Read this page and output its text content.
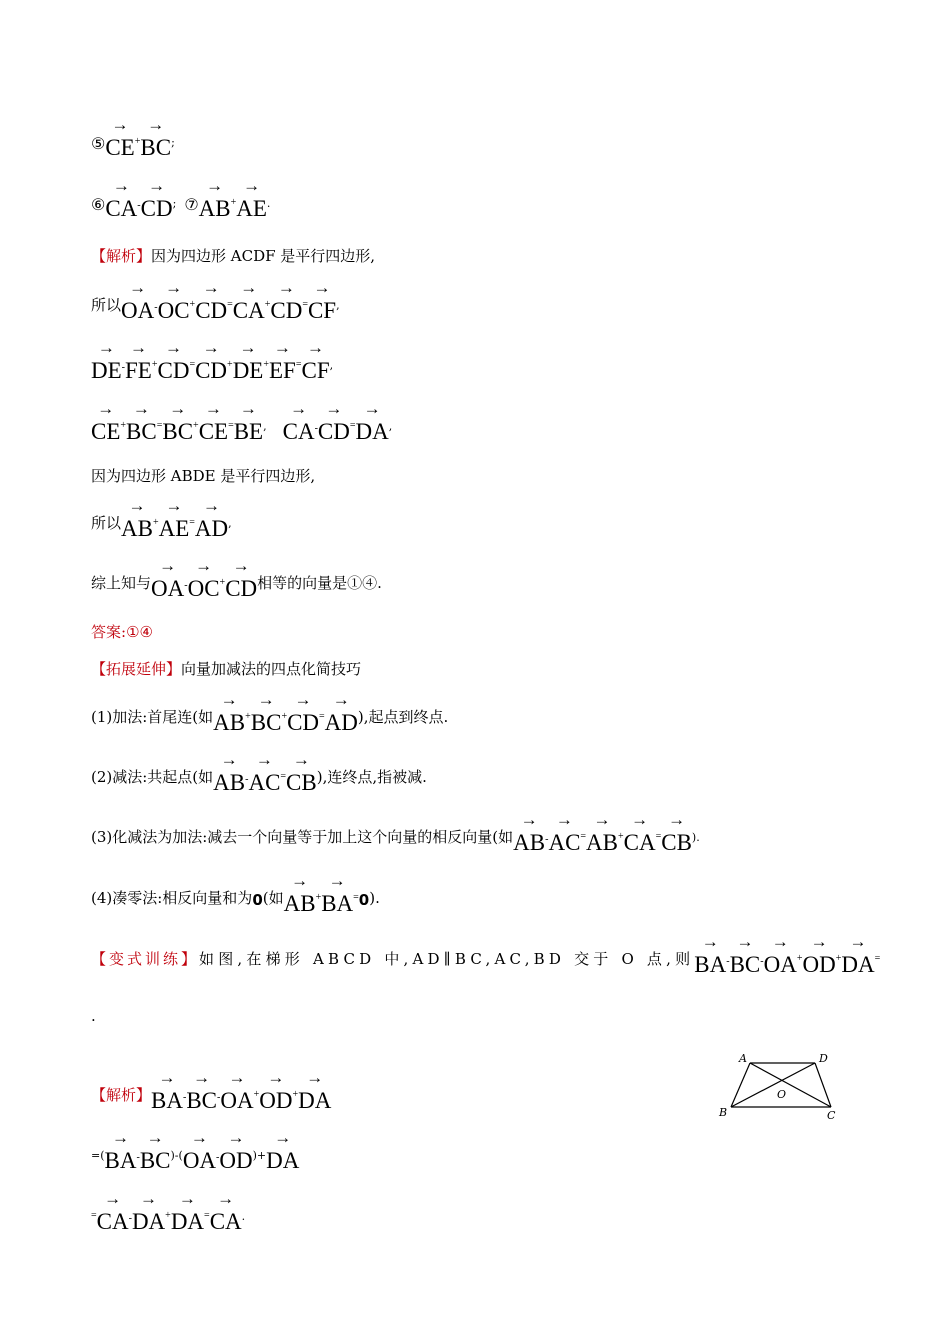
⑤ → CE + → BC ;
⑥ → CA - → CD ; ⑦ → AB + → AE .
【解析】 因为四边形 ACDF 是平行四边形,
所以 → OA - → OC + → CD = → CA + → CD = → CF ,
→ DE - → FE + → CD = → CD + → DE + → EF = → CF ,
→ CE + → BC = → BC + → CE = → BE , → CA - → CD = → DA ,
因为四边形 ABDE 是平行四边形,
所以 → AB + → AE = → AD ,
综上知与 → OA - → OC + → CD 相等的向量是①④.
答案: ①④
【拓展延伸】 向量加减法的四点化简技巧
(1)加法:首尾连(如 → AB + → BC + → CD = → AD ),起点到终点.
(2)减法:共起点(如 → AB - → AC = → CB ),连终点,指被减.
(3)化减法为加法:减去一个向量等于加上这个向量的相反向量(如 → AB - → AC = → AB + → CA = → CB ).
(4)凑零法:相反向量和为 0 (如 → AB + → BA = 0 ).
【变式训练】 如图,在梯形 ABCD 中,AD∥BC,AC,BD 交于 O 点,则 → BA - → BC - → OA + → OD + → DA =
.
【解析】 → BA - → BC - → OA + → OD + → DA
=( → BA - → BC )-( → OA - → OD )+ → DA
= → CA - → DA + → DA = → CA .
A	D
B	C
O
